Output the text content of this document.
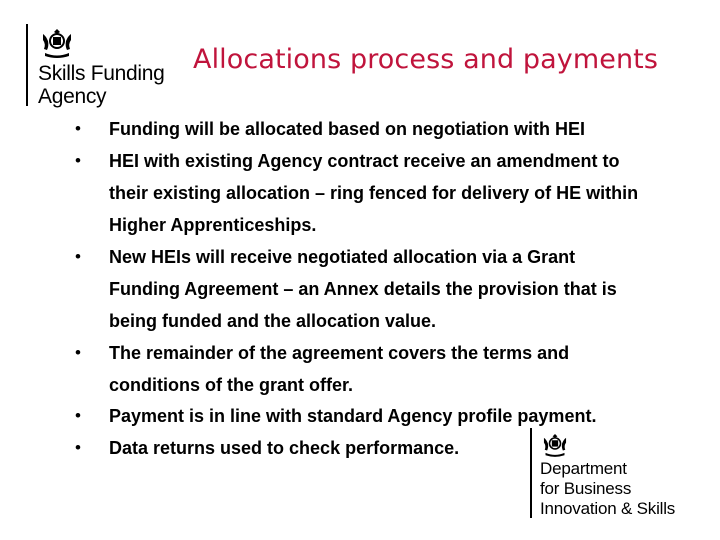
Skills Funding
Agency
Allocations process and payments
• Funding will be allocated based on negotiation with HEI
• HEI with existing Agency contract receive an amendment to
their existing allocation – ring fenced for delivery of HE within
Higher Apprenticeships.
• New HEIs will receive negotiated allocation via a Grant
Funding Agreement – an Annex details the provision that is
being funded and the allocation value.
• The remainder of the agreement covers the terms and
conditions of the grant offer.
• Payment is in line with standard Agency profile payment.
• Data returns used to check performance.
Department
for Business
Innovation & Skills
